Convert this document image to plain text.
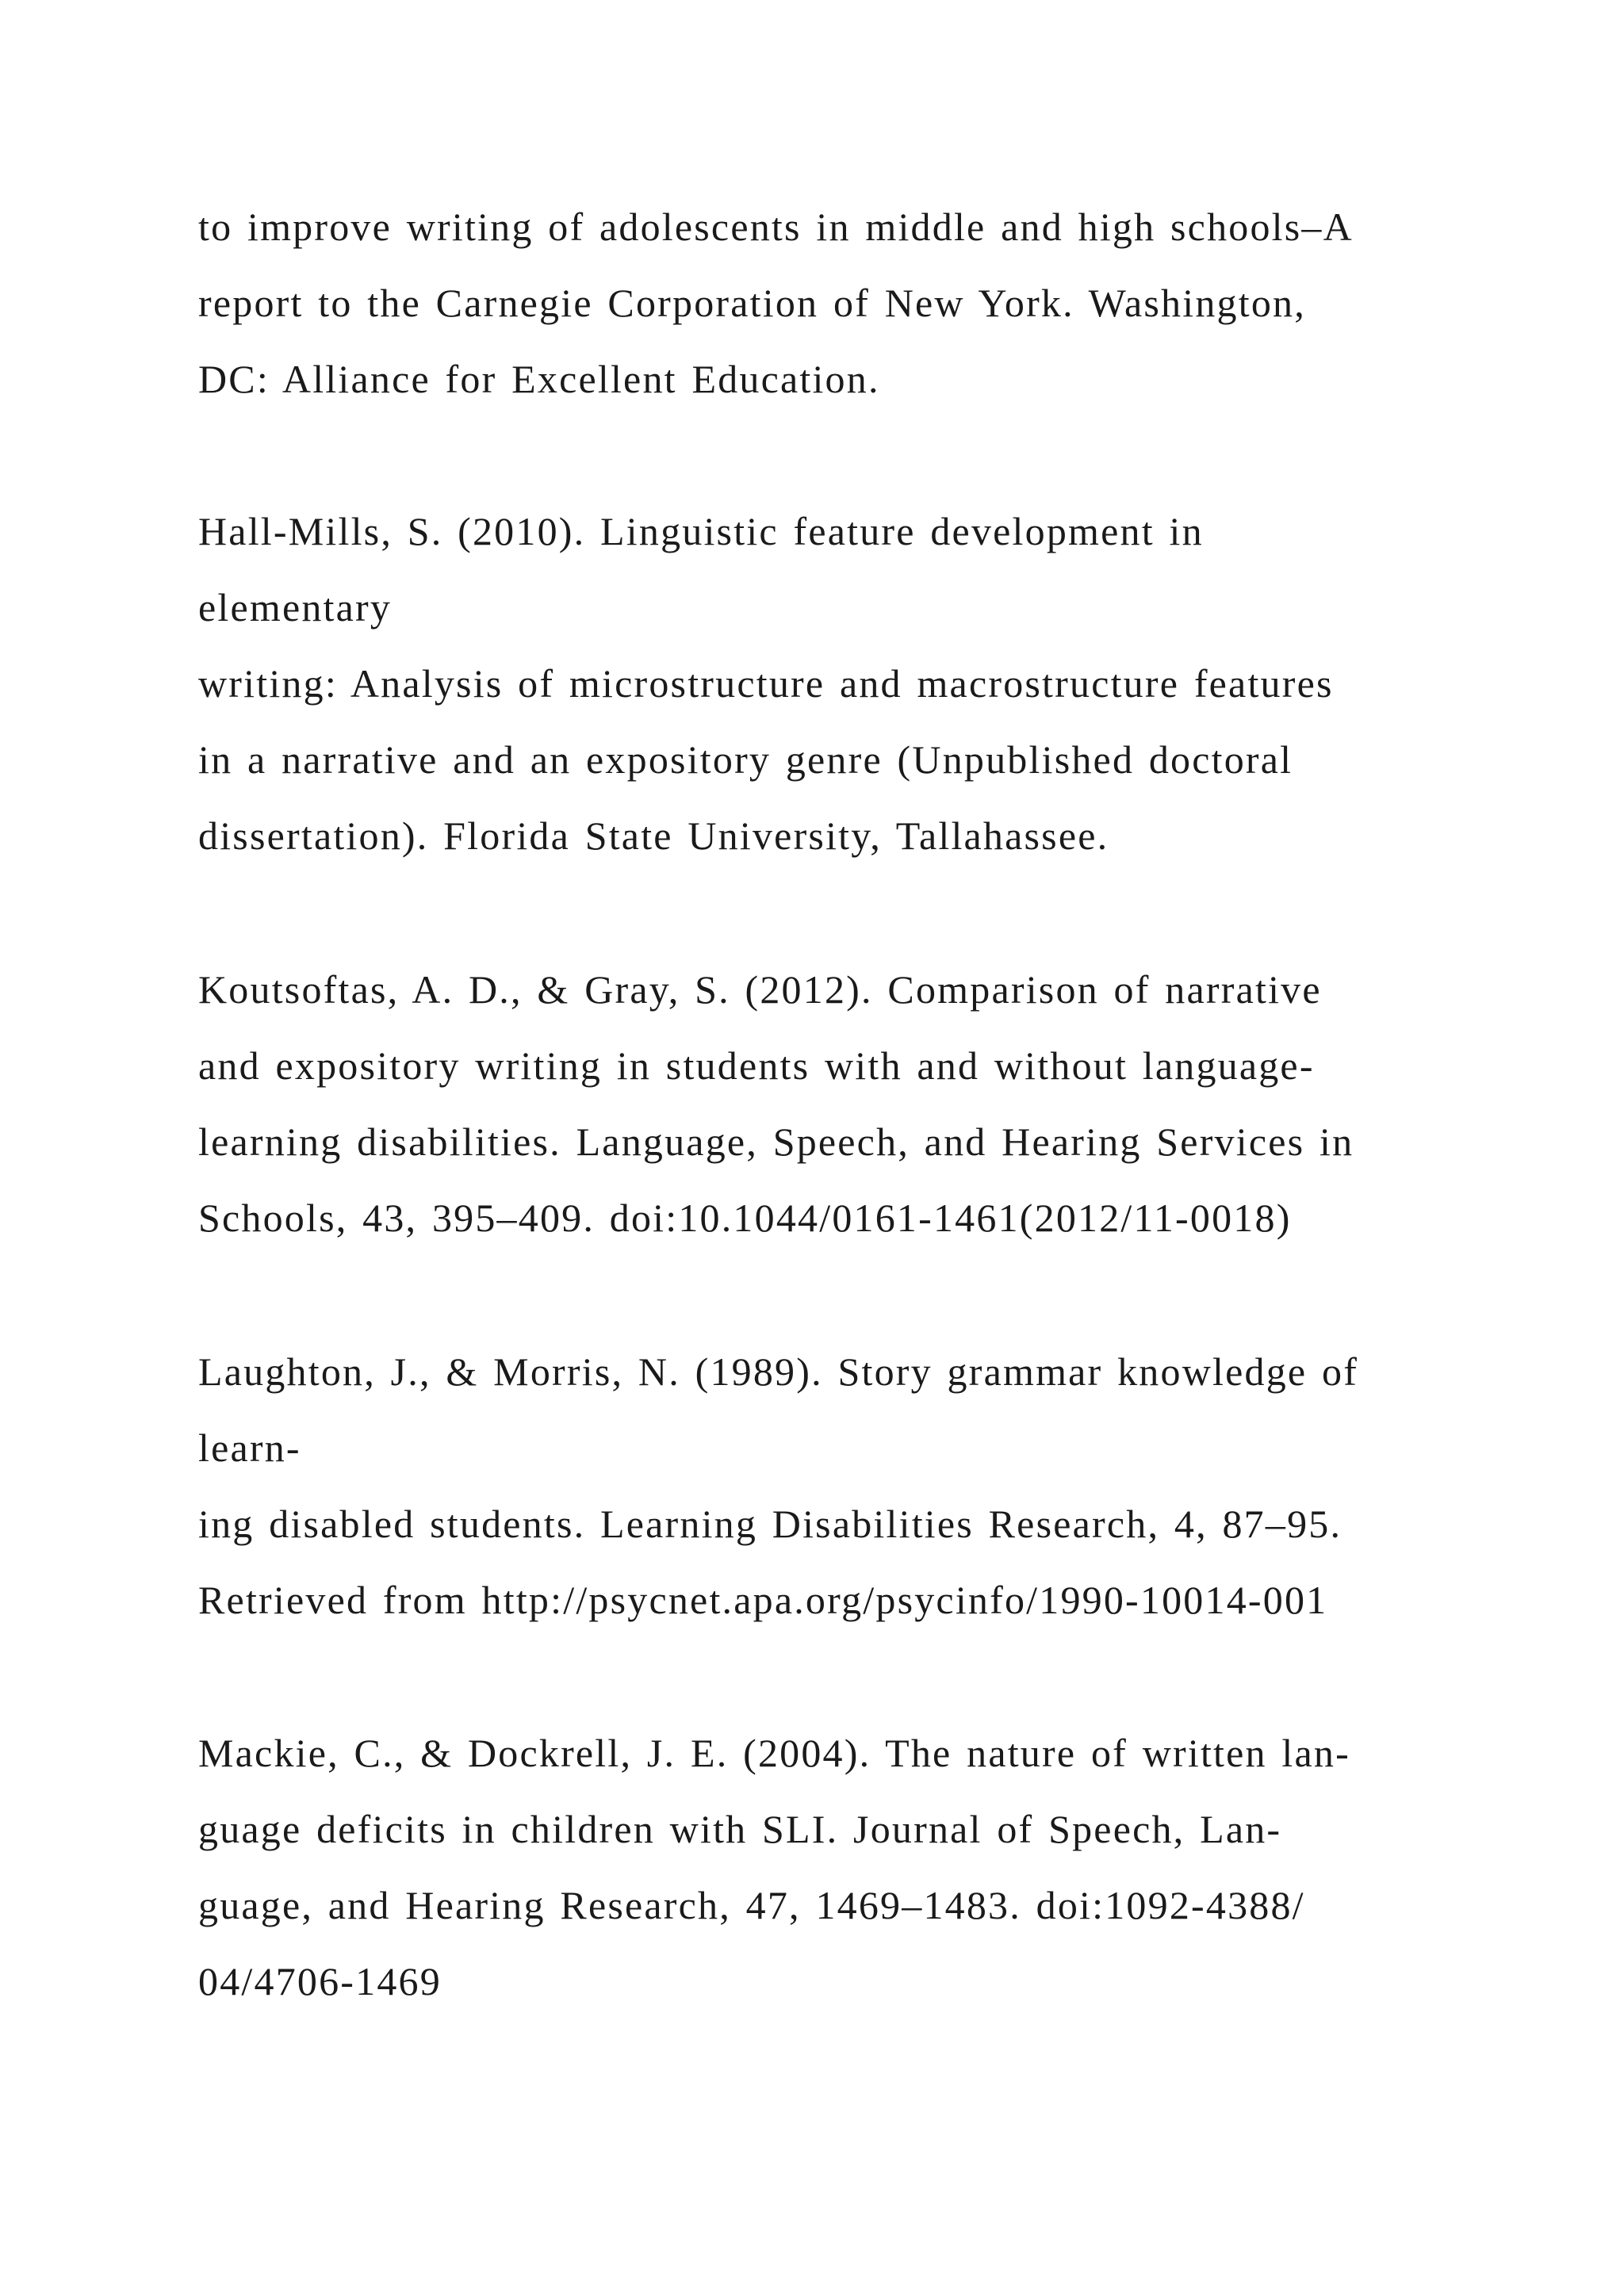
to improve writing of adolescents in middle and high schools–A
report to the Carnegie Corporation of New York. Washington,
DC: Alliance for Excellent Education.
Hall-Mills, S. (2010). Linguistic feature development in
elementary
writing: Analysis of microstructure and macrostructure features
in a narrative and an expository genre (Unpublished doctoral
dissertation). Florida State University, Tallahassee.
Koutsoftas, A. D., & Gray, S. (2012). Comparison of narrative
and expository writing in students with and without language-
learning disabilities. Language, Speech, and Hearing Services in
Schools, 43, 395–409. doi:10.1044/0161-1461(2012/11-0018)
Laughton, J., & Morris, N. (1989). Story grammar knowledge of
learn-
ing disabled students. Learning Disabilities Research, 4, 87–95.
Retrieved from http://psycnet.apa.org/psycinfo/1990-10014-001
Mackie, C., & Dockrell, J. E. (2004). The nature of written lan-
guage deficits in children with SLI. Journal of Speech, Lan-
guage, and Hearing Research, 47, 1469–1483. doi:1092-4388/
04/4706-1469
